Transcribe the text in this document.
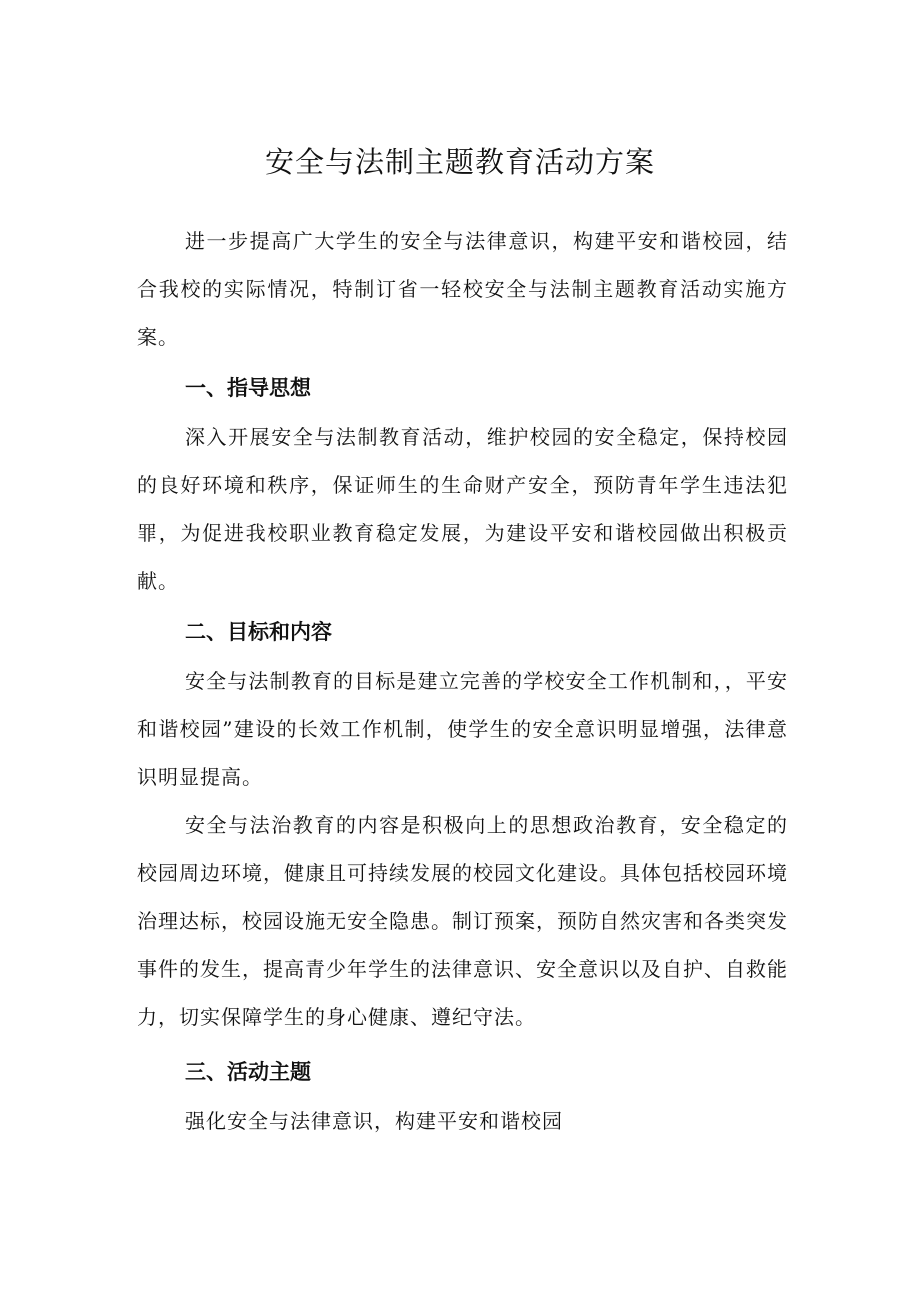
安全与法制主题教育活动方案

进一步提高广大学生的安全与法律意识，构建平安和谐校园，结合我校的实际情况，特制订省一轻校安全与法制主题教育活动实施方案。

一、指导思想

深入开展安全与法制教育活动，维护校园的安全稳定，保持校园的良好环境和秩序，保证师生的生命财产安全，预防青年学生违法犯罪，为促进我校职业教育稳定发展，为建设平安和谐校园做出积极贡献。

二、目标和内容

安全与法制教育的目标是建立完善的学校安全工作机制和，，平安和谐校园”建设的长效工作机制，使学生的安全意识明显增强，法律意识明显提高。

安全与法治教育的内容是积极向上的思想政治教育，安全稳定的校园周边环境，健康且可持续发展的校园文化建设。具体包括校园环境治理达标，校园设施无安全隐患。制订预案，预防自然灾害和各类突发事件的发生，提高青少年学生的法律意识、安全意识以及自护、自救能力，切实保障学生的身心健康、遵纪守法。

三、活动主题

强化安全与法律意识，构建平安和谐校园
